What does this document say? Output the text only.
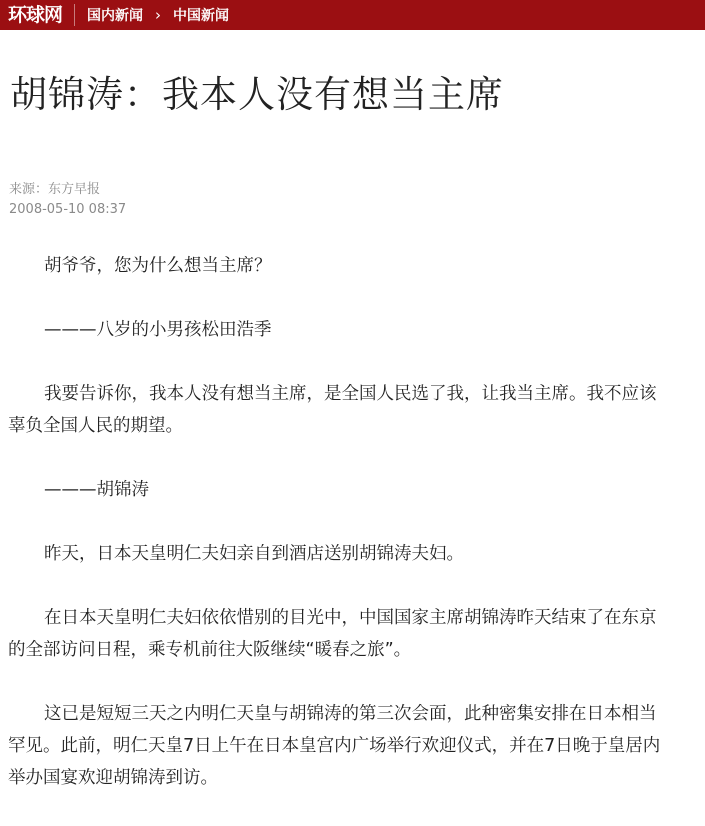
环球网	国内新闻 › 中国新闻
胡锦涛：我本人没有想当主席
来源：东方早报
2008-05-10 08:37

胡爷爷，您为什么想当主席？

———八岁的小男孩松田浩季

我要告诉你，我本人没有想当主席，是全国人民选了我，让我当主席。我不应该辜负全国人民的期望。

———胡锦涛

昨天，日本天皇明仁夫妇亲自到酒店送别胡锦涛夫妇。

在日本天皇明仁夫妇依依惜别的目光中，中国国家主席胡锦涛昨天结束了在东京的全部访问日程，乘专机前往大阪继续“暖春之旅”。

这已是短短三天之内明仁天皇与胡锦涛的第三次会面，此种密集安排在日本相当罕见。此前，明仁天皇7日上午在日本皇宫内广场举行欢迎仪式，并在7日晚于皇居内举办国宴欢迎胡锦涛到访。
